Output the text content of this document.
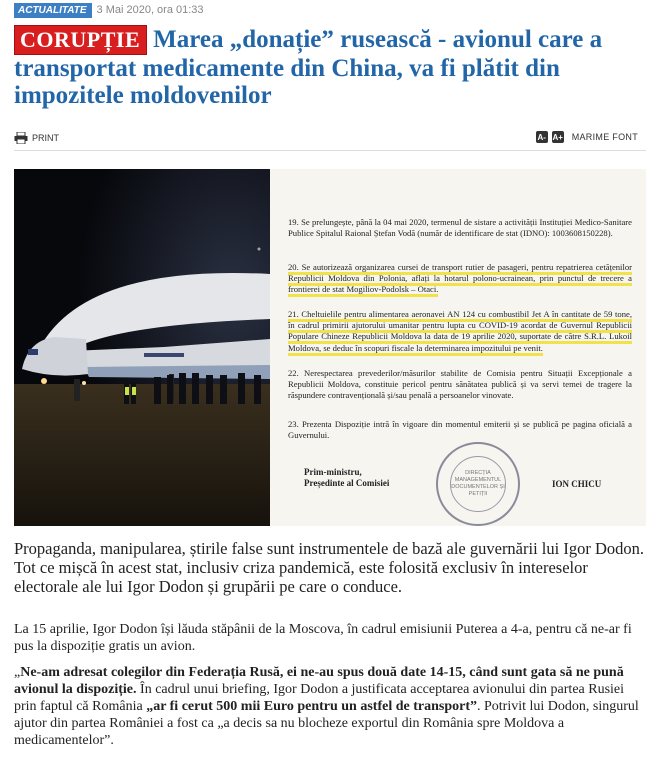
ACTUALITATE 3 Mai 2020, ora 01:33
CORUPȚIE Marea „donație” rusească - avionul care a transportat medicamente din China, va fi plătit din impozitele moldovenilor
PRINT	A- A+ MARIME FONT
19. Se prelungește, până la 04 mai 2020, termenul de sistare a activității Instituției Medico-Sanitare Publice Spitalul Raional Ștefan Vodă (număr de identificare de stat (IDNO): 1003608150228).
20. Se autorizează organizarea cursei de transport rutier de pasageri, pentru repatrierea cetățenilor Republicii Moldova din Polonia, aflați la hotarul polono-ucrainean, prin punctul de trecere a frontierei de stat Mogiliov-Podolsk – Otaci.
21. Cheltuielile pentru alimentarea aeronavei AN 124 cu combustibil Jet A în cantitate de 59 tone, în cadrul primirii ajutorului umanitar pentru lupta cu COVID-19 acordat de Guvernul Republicii Populare Chineze Republicii Moldova la data de 19 aprilie 2020, suportate de către S.R.L. Lukoil Moldova, se deduc în scopuri fiscale la determinarea impozitului pe venit.
22. Nerespectarea prevederilor/măsurilor stabilite de Comisia pentru Situații Excepționale a Republicii Moldova, constituie pericol pentru sănătatea publică și va servi temei de tragere la răspundere contravențională și/sau penală a persoanelor vinovate.
23. Prezenta Dispoziție intră în vigoare din momentul emiterii și se publică pe pagina oficială a Guvernului.
Prim-ministru,
Președinte al Comisiei
DIRECȚIA MANAGEMENTUL DOCUMENTELOR ȘI PETIȚII
ION CHICU

Propaganda, manipularea, știrile false sunt instrumentele de bază ale guvernării lui Igor Dodon. Tot ce mișcă în acest stat, inclusiv criza pandemică, este folosită exclusiv în intereselor electorale ale lui Igor Dodon și grupării pe care o conduce.

La 15 aprilie, Igor Dodon își lăuda stăpânii de la Moscova, în cadrul emisiunii Puterea a 4-a, pentru că ne-ar fi pus la dispoziție gratis un avion.

„Ne-am adresat colegilor din Federația Rusă, ei ne-au spus două date 14-15, când sunt gata să ne pună avionul la dispoziție. În cadrul unui briefing, Igor Dodon a justificata acceptarea avionului din partea Rusiei prin faptul că România „ar fi cerut 500 mii Euro pentru un astfel de transport”. Potrivit lui Dodon, singurul ajutor din partea României a fost ca „a decis sa nu blocheze exportul din România spre Moldova a medicamentelor”.
